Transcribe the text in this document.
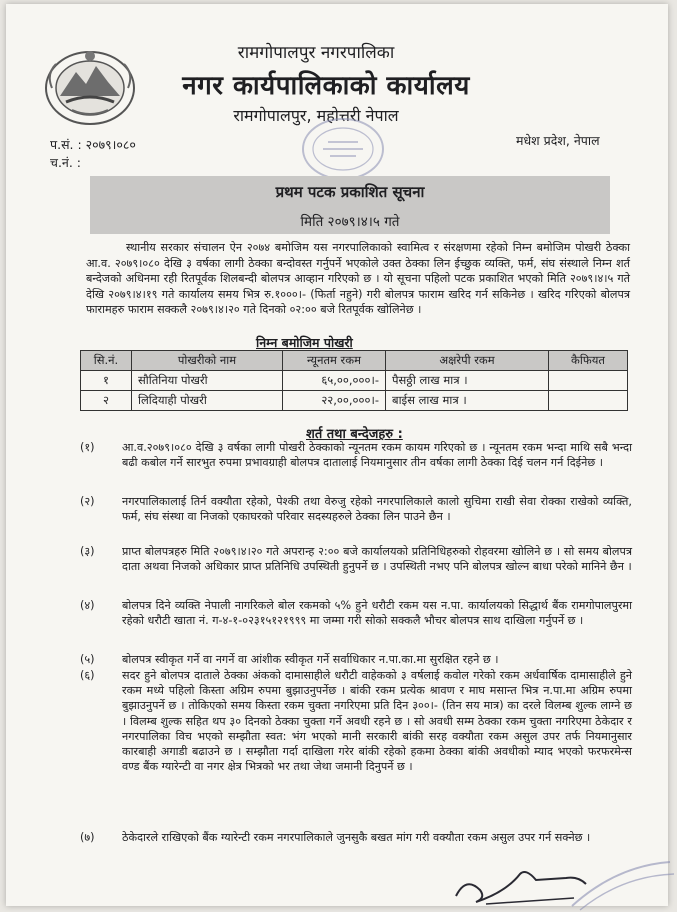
रामगोपालपुर नगरपालिका
नगर कार्यपालिकाको कार्यालय
रामगोपालपुर, महोत्तरी नेपाल
प.सं. : २०७९।०८०
च.नं. :
मधेश प्रदेश, नेपाल
प्रथम पटक प्रकाशित सूचना
मिति २०७९।४।५ गते
स्थानीय सरकार संचालन ऐन २०७४ बमोजिम यस नगरपालिकाको स्वामित्व र संरक्षणमा रहेको निम्न बमोजिम पोखरी ठेक्का आ.व. २०७९।०८० देखि ३ वर्षका लागी ठेक्का बन्दोवस्त गर्नुपर्ने भएकोले उक्त ठेक्का लिन ईच्छुक व्यक्ति, फर्म, संघ संस्थाले निम्न शर्त बन्देजको अधिनमा रही रितपूर्वक शिलबन्दी बोलपत्र आव्हान गरिएको छ । यो सूचना पहिलो पटक प्रकाशित भएको मिति २०७९।४।५ गते देखि २०७९।४।१९ गते कार्यालय समय भित्र रु.१०००।- (फिर्ता नहुने) गरी बोलपत्र फाराम खरिद गर्न सकिनेछ । खरिद गरिएको बोलपत्र फारामहरु फाराम सक्कलै २०७९।४।२० गते दिनको ०२:०० बजे रितपूर्वक खोलिनेछ ।
निम्न बमोजिम पोखरी
सि.नं.	पोखरीको नाम	न्यूनतम रकम	अक्षरेपी रकम	कैफियत
१	सौतिनिया पोखरी	६५,००,०००।-	पैसठ्ठी लाख मात्र ।	
२	लिदियाही पोखरी	२२,००,०००।-	बाईस लाख मात्र ।	
शर्त तथा बन्देजहरु :
(१)	आ.व.२०७९।०८० देखि ३ वर्षका लागी पोखरी ठेक्काको न्यूनतम रकम कायम गरिएको छ । न्यूनतम रकम भन्दा माथि सबै भन्दा बढी कबोल गर्ने सारभुत रुपमा प्रभावग्राही बोलपत्र दातालाई नियमानुसार तीन वर्षका लागी ठेक्का दिई चलन गर्न दिईनेछ ।
(२)	नगरपालिकालाई तिर्न वक्यौता रहेको, पेश्की तथा वेरुजु रहेको नगरपालिकाले कालो सुचिमा राखी सेवा रोक्का राखेको व्यक्ति, फर्म, संघ संस्था वा निजको एकाघरको परिवार सदस्यहरुले ठेक्का लिन पाउने छैन ।
(३)	प्राप्त बोलपत्रहरु मिति २०७९।४।२० गते अपरान्ह २:०० बजे कार्यालयको प्रतिनिधिहरुको रोहवरमा खोलिने छ । सो समय बोलपत्र दाता अथवा निजको अधिकार प्राप्त प्रतिनिधि उपस्थिती हुनुपर्ने छ । उपस्थिती नभए पनि बोलपत्र खोल्न बाधा परेको मानिने छैन ।
(४)	बोलपत्र दिने व्यक्ति नेपाली नागरिकले बोल रकमको ५% हुने धरौटी रकम यस न.पा. कार्यालयको सिद्धार्थ बैंक रामगोपालपुरमा रहेको धरौटी खाता नं. ग-४-१-०२३१५१२१९९९ मा जम्मा गरी सोको सक्कलै भौचर बोलपत्र साथ दाखिला गर्नुपर्ने छ ।
(५)	बोलपत्र स्वीकृत गर्ने वा नगर्ने वा आंशीक स्वीकृत गर्ने सर्वाधिकार न.पा.का.मा सुरक्षित रहने छ ।
(६)	सदर हुने बोलपत्र दाताले ठेक्का अंकको दामासाहीले धरौटी वाहेकको ३ वर्षलाई कवोल गरेको रकम अर्धवार्षिक दामासाहीले हुने रकम मध्ये पहिलो किस्ता अग्रिम रुपमा बुझाउनुपर्नेछ । बांकी रकम प्रत्येक श्रावण र माघ मसान्त भित्र न.पा.मा अग्रिम रुपमा बुझाउनुपर्ने छ । तोकिएको समय किस्ता रकम चुक्ता नगरिएमा प्रति दिन ३००।- (तिन सय मात्र) का दरले विलम्ब शुल्क लाग्ने छ । विलम्ब शुल्क सहित थप ३० दिनको ठेक्का चुक्ता गर्ने अवधी रहने छ । सो अवधी सम्म ठेक्का रकम चुक्ता नगरिएमा ठेकेदार र नगरपालिका विच भएको सम्झौता स्वत: भंग भएको मानी सरकारी बांकी सरह वक्यौता रकम असुल उपर तर्फ नियमानुसार कारबाही अगाडी बढाउने छ । सम्झौता गर्दा दाखिला गरेर बांकी रहेको हकमा ठेक्का बांकी अवधीको म्याद भएको फरफरमेन्स वण्ड बैंक ग्यारेन्टी वा नगर क्षेत्र भित्रको भर तथा जेथा जमानी दिनुपर्ने छ ।
(७)	ठेकेदारले राखिएको बैंक ग्यारेन्टी रकम नगरपालिकाले जुनसुकै बखत मांग गरी वक्यौता रकम असुल उपर गर्न सक्नेछ ।
